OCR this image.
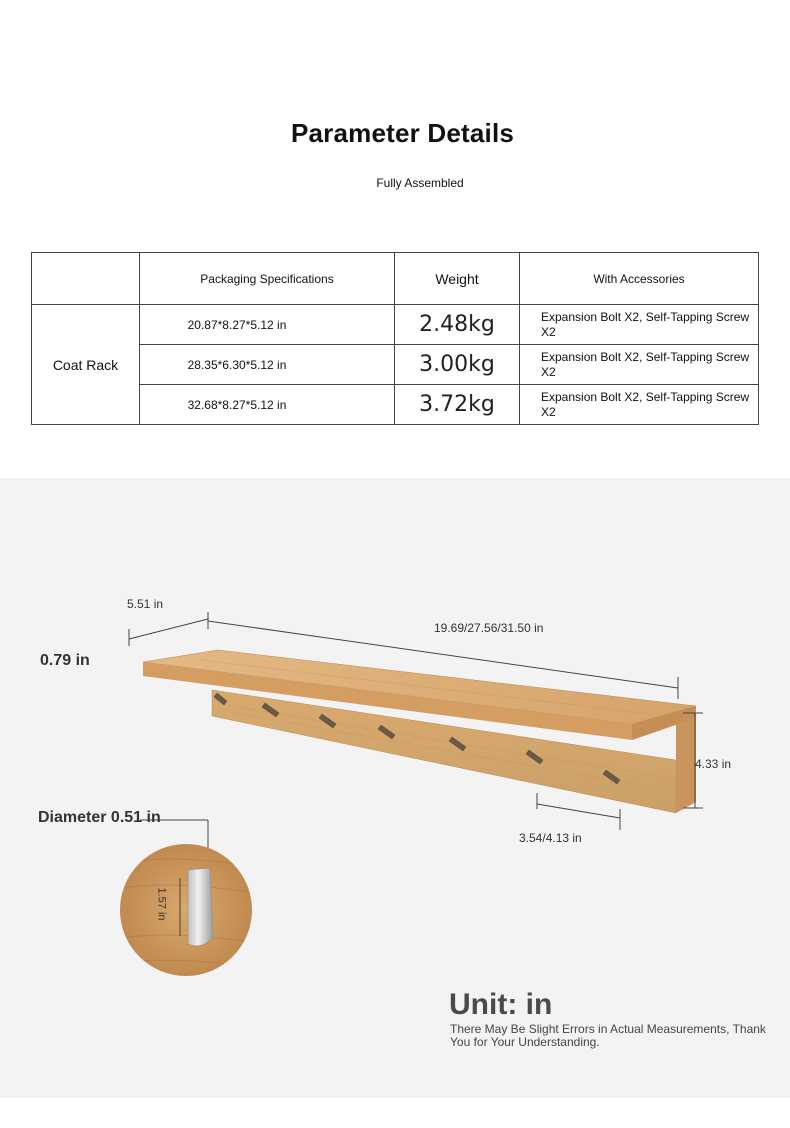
Parameter Details
Fully Assembled
	Packaging Specifications	Weight	With Accessories
Coat Rack	20.87*8.27*5.12 in	2.48kg	Expansion Bolt X2, Self-Tapping Screw X2
	28.35*6.30*5.12 in	3.00kg	Expansion Bolt X2, Self-Tapping Screw X2
	32.68*8.27*5.12 in	3.72kg	Expansion Bolt X2, Self-Tapping Screw X2
5.51 in
19.69/27.56/31.50 in
0.79 in
4.33 in
3.54/4.13 in
Diameter 0.51 in
1.57 in
Unit: in
There May Be Slight Errors in Actual Measurements, Thank You for Your Understanding.
